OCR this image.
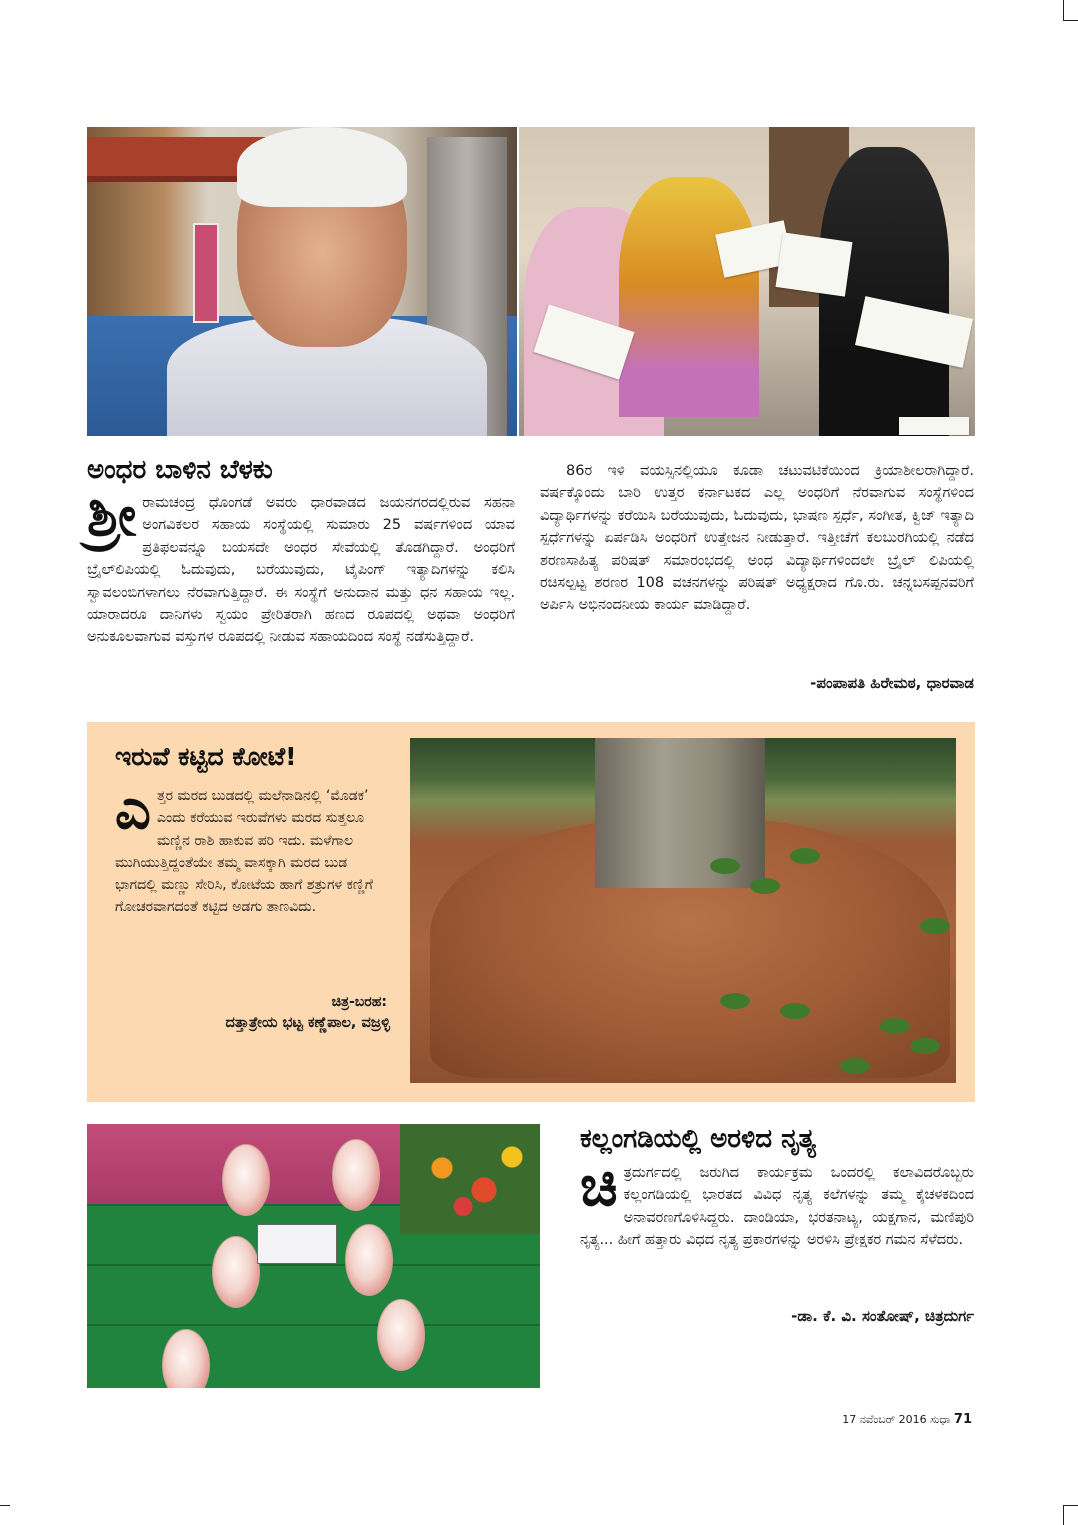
ಅಂಧರ ಬಾಳಿನ ಬೆಳಕು
ಶ್ರೀ ರಾಮಚಂದ್ರ ಧೊಂಗಡೆ ಅವರು ಧಾರವಾಡದ ಜಯನಗರದಲ್ಲಿರುವ ಸಹನಾ ಅಂಗವಿಕಲರ ಸಹಾಯ ಸಂಸ್ಥೆಯಲ್ಲಿ ಸುಮಾರು 25 ವರ್ಷಗಳಿಂದ ಯಾವ ಪ್ರತಿಫಲವನ್ನೂ ಬಯಸದೇ ಅಂಧರ ಸೇವೆಯಲ್ಲಿ ತೊಡಗಿದ್ದಾರೆ. ಅಂಧರಿಗೆ ಬ್ರೈಲ್‌ಲಿಪಿಯಲ್ಲಿ ಓದುವುದು, ಬರೆಯುವುದು, ಟೈಪಿಂಗ್ ಇತ್ಯಾದಿಗಳನ್ನು ಕಲಿಸಿ ಸ್ವಾವಲಂಬಿಗಳಾಗಲು ನೆರವಾಗುತ್ತಿದ್ದಾರೆ. ಈ ಸಂಸ್ಥೆಗೆ ಅನುದಾನ ಮತ್ತು ಧನ ಸಹಾಯ ಇಲ್ಲ. ಯಾರಾದರೂ ದಾನಿಗಳು ಸ್ವಯಂ ಪ್ರೇರಿತರಾಗಿ ಹಣದ ರೂಪದಲ್ಲಿ ಅಥವಾ ಅಂಧರಿಗೆ ಅನುಕೂಲವಾಗುವ ವಸ್ತುಗಳ ರೂಪದಲ್ಲಿ ನೀಡುವ ಸಹಾಯದಿಂದ ಸಂಸ್ಥೆ ನಡೆಸುತ್ತಿದ್ದಾರೆ.
86ರ ಇಳಿ ವಯಸ್ಸಿನಲ್ಲಿಯೂ ಕೂಡಾ ಚಟುವಟಿಕೆಯಿಂದ ಕ್ರಿಯಾಶೀಲರಾಗಿದ್ದಾರೆ. ವರ್ಷಕ್ಕೊಂದು ಬಾರಿ ಉತ್ತರ ಕರ್ನಾಟಕದ ಎಲ್ಲ ಅಂಧರಿಗೆ ನೆರವಾಗುವ ಸಂಸ್ಥೆಗಳಿಂದ ವಿದ್ಯಾರ್ಥಿಗಳನ್ನು ಕರೆಯಿಸಿ ಬರೆಯುವುದು, ಓದುವುದು, ಭಾಷಣ ಸ್ಪರ್ಧೆ, ಸಂಗೀತ, ಕ್ವಿಜ್ ಇತ್ಯಾದಿ ಸ್ಪರ್ಧೆಗಳನ್ನು ಏರ್ಪಡಿಸಿ ಅಂಧರಿಗೆ ಉತ್ತೇಜನ ನೀಡುತ್ತಾರೆ. ಇತ್ತೀಚೆಗೆ ಕಲಬುರಗಿಯಲ್ಲಿ ನಡೆದ ಶರಣಸಾಹಿತ್ಯ ಪರಿಷತ್ ಸಮಾರಂಭದಲ್ಲಿ ಅಂಧ ವಿದ್ಯಾರ್ಥಿಗಳಿಂದಲೇ ಬ್ರೈಲ್ ಲಿಪಿಯಲ್ಲಿ ರಚಿಸಲ್ಪಟ್ಟ ಶರಣರ 108 ವಚನಗಳನ್ನು ಪರಿಷತ್ ಅಧ್ಯಕ್ಷರಾದ ಗೊ.ರು. ಚನ್ನಬಸಪ್ಪನವರಿಗೆ ಅರ್ಪಿಸಿ ಅಭಿನಂದನೀಯ ಕಾರ್ಯ ಮಾಡಿದ್ದಾರೆ.
-ಪಂಪಾಪತಿ ಹಿರೇಮಠ, ಧಾರವಾಡ
ಇರುವೆ ಕಟ್ಟಿದ ಕೋಟೆ!
ಎ ತ್ತರ ಮರದ ಬುಡದಲ್ಲಿ ಮಲೆನಾಡಿನಲ್ಲಿ ‘ಮೊಡಕ’ ಎಂದು ಕರೆಯುವ ಇರುವೆಗಳು ಮರದ ಸುತ್ತಲೂ ಮಣ್ಣಿನ ರಾಶಿ ಹಾಕುವ ಪರಿ ಇದು. ಮಳೆಗಾಲ ಮುಗಿಯುತ್ತಿದ್ದಂತೆಯೇ ತಮ್ಮ ವಾಸಕ್ಕಾಗಿ ಮರದ ಬುಡ ಭಾಗದಲ್ಲಿ ಮಣ್ಣು ಸೇರಿಸಿ, ಕೋಟೆಯ ಹಾಗೆ ಶತ್ರುಗಳ ಕಣ್ಣಿಗೆ ಗೋಚರವಾಗದಂತೆ ಕಟ್ಟಿದ ಅಡಗು ತಾಣವಿದು.
ಚಿತ್ರ-ಬರಹ:
ದತ್ತಾತ್ರೇಯ ಭಟ್ಟ ಕಣ್ಣೆಪಾಲ, ವಜ್ರಳ್ಳಿ
ಕಲ್ಲಂಗಡಿಯಲ್ಲಿ ಅರಳಿದ ನೃತ್ಯ
ಚಿ ತ್ರದುರ್ಗದಲ್ಲಿ ಜರುಗಿದ ಕಾರ್ಯಕ್ರಮ ಒಂದರಲ್ಲಿ ಕಲಾವಿದರೊಬ್ಬರು ಕಲ್ಲಂಗಡಿಯಲ್ಲಿ ಭಾರತದ ವಿವಿಧ ನೃತ್ಯ ಕಲೆಗಳನ್ನು ತಮ್ಮ ಕೈಚಳಕದಿಂದ ಅನಾವರಣಗೊಳಿಸಿದ್ದರು. ದಾಂಡಿಯಾ, ಭರತನಾಟ್ಯ, ಯಕ್ಷಗಾನ, ಮಣಿಪುರಿ ನೃತ್ಯ... ಹೀಗೆ ಹತ್ತಾರು ವಿಧದ ನೃತ್ಯ ಪ್ರಕಾರಗಳನ್ನು ಅರಳಿಸಿ ಪ್ರೇಕ್ಷಕರ ಗಮನ ಸೆಳೆದರು.
-ಡಾ. ಕೆ. ವಿ. ಸಂತೋಷ್, ಚಿತ್ರದುರ್ಗ
17 ನವೆಂಬರ್ 2016 ಸುಧಾ 71
